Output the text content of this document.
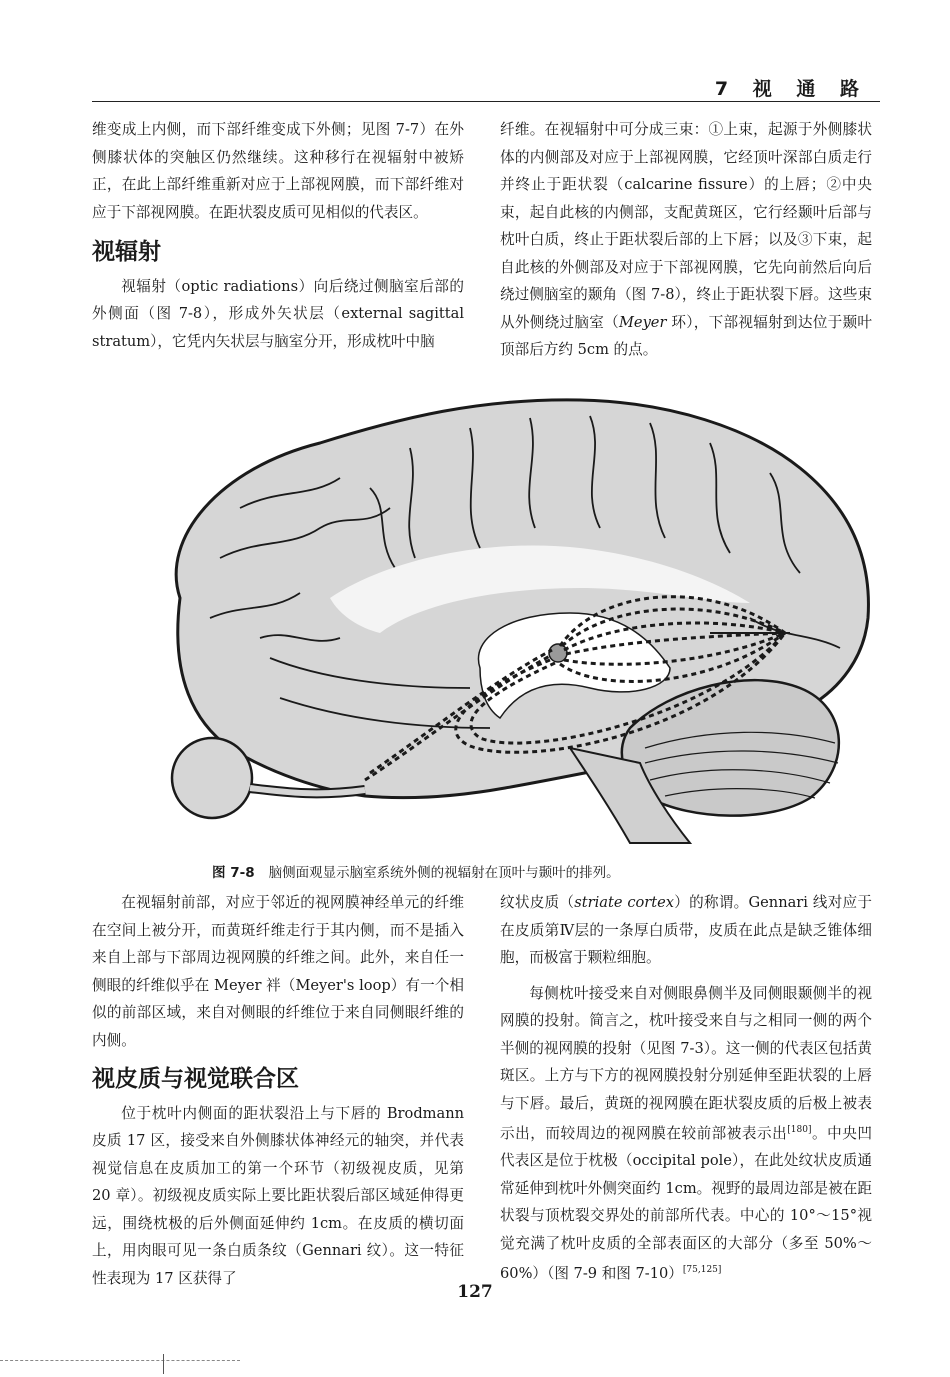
7 视 通 路

维变成上内侧，而下部纤维变成下外侧；见图 7-7）在外侧膝状体的突触区仍然继续。这种移行在视辐射中被矫正，在此上部纤维重新对应于上部视网膜，而下部纤维对应于下部视网膜。在距状裂皮质可见相似的代表区。

视辐射

视辐射（optic radiations）向后绕过侧脑室后部的外侧面（图 7-8），形成外矢状层（external sagittal stratum），它凭内矢状层与脑室分开，形成枕叶中脑

纤维。在视辐射中可分成三束：①上束，起源于外侧膝状体的内侧部及对应于上部视网膜，它经顶叶深部白质走行并终止于距状裂（calcarine fissure）的上唇；②中央束，起自此核的内侧部，支配黄斑区，它行经颞叶后部与枕叶白质，终止于距状裂后部的上下唇；以及③下束，起自此核的外侧部及对应于下部视网膜，它先向前然后向后绕过侧脑室的颞角（图 7-8），终止于距状裂下唇。这些束从外侧绕过脑室（Meyer 环），下部视辐射到达位于颞叶顶部后方约 5cm 的点。

图 7-8 脑侧面观显示脑室系统外侧的视辐射在顶叶与颞叶的排列。

在视辐射前部，对应于邻近的视网膜神经单元的纤维在空间上被分开，而黄斑纤维走行于其内侧，而不是插入来自上部与下部周边视网膜的纤维之间。此外，来自任一侧眼的纤维似乎在 Meyer 袢（Meyer's loop）有一个相似的前部区域，来自对侧眼的纤维位于来自同侧眼纤维的内侧。

视皮质与视觉联合区

位于枕叶内侧面的距状裂沿上与下唇的 Brodmann 皮质 17 区，接受来自外侧膝状体神经元的轴突，并代表视觉信息在皮质加工的第一个环节（初级视皮质，见第 20 章）。初级视皮质实际上要比距状裂后部区域延伸得更远，围绕枕极的后外侧面延伸约 1cm。在皮质的横切面上，用肉眼可见一条白质条纹（Gennari 纹）。这一特征性表现为 17 区获得了

纹状皮质（striate cortex）的称谓。Gennari 线对应于在皮质第Ⅳ层的一条厚白质带，皮质在此点是缺乏锥体细胞，而极富于颗粒细胞。

每侧枕叶接受来自对侧眼鼻侧半及同侧眼颞侧半的视网膜的投射。简言之，枕叶接受来自与之相同一侧的两个半侧的视网膜的投射（见图 7-3）。这一侧的代表区包括黄斑区。上方与下方的视网膜投射分别延伸至距状裂的上唇与下唇。最后，黄斑的视网膜在距状裂皮质的后极上被表示出，而较周边的视网膜在较前部被表示出[180]。中央凹代表区是位于枕极（occipital pole），在此处纹状皮质通常延伸到枕叶外侧突面约 1cm。视野的最周边部是被在距状裂与顶枕裂交界处的前部所代表。中心的 10°～15°视觉充满了枕叶皮质的全部表面区的大部分（多至 50%～60%）（图 7-9 和图 7-10）[75,125]

127
